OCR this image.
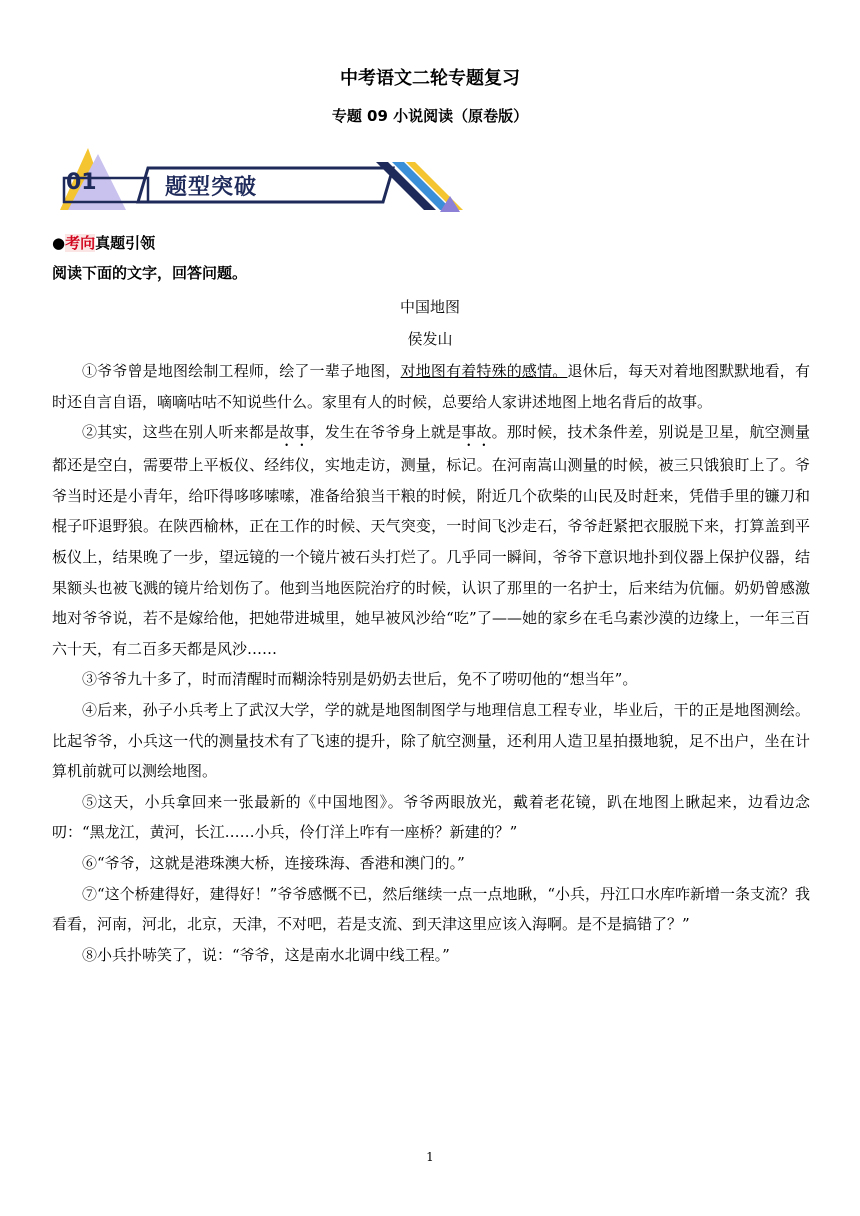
中考语文二轮专题复习
专题 09 小说阅读（原卷版）
01	题型突破
●考向真题引领
阅读下面的文字，回答问题。
中国地图
侯发山

①爷爷曾是地图绘制工程师，绘了一辈子地图，对地图有着特殊的感情。退休后，每天对着地图默默地看，有时还自言自语，嘀嘀咕咕不知说些什么。家里有人的时候，总要给人家讲述地图上地名背后的故事。

②其实，这些在别人听来都是故事，发生在爷爷身上就是事故。那时候，技术条件差，别说是卫星，航空测量都还是空白，需要带上平板仪、经纬仪，实地走访，测量，标记。在河南嵩山测量的时候，被三只饿狼盯上了。爷爷当时还是小青年，给吓得哆哆嗦嗦，准备给狼当干粮的时候，附近几个砍柴的山民及时赶来，凭借手里的镰刀和棍子吓退野狼。在陕西榆林，正在工作的时候、天气突变，一时间飞沙走石，爷爷赶紧把衣服脱下来，打算盖到平板仪上，结果晚了一步，望远镜的一个镜片被石头打烂了。几乎同一瞬间，爷爷下意识地扑到仪器上保护仪器，结果额头也被飞溅的镜片给划伤了。他到当地医院治疗的时候，认识了那里的一名护士，后来结为伉俪。奶奶曾感激地对爷爷说，若不是嫁给他，把她带进城里，她早被风沙给“吃”了——她的家乡在毛乌素沙漠的边缘上，一年三百六十天，有二百多天都是风沙……

③爷爷九十多了，时而清醒时而糊涂特别是奶奶去世后，免不了唠叨他的“想当年”。

④后来，孙子小兵考上了武汉大学，学的就是地图制图学与地理信息工程专业，毕业后，干的正是地图测绘。比起爷爷，小兵这一代的测量技术有了飞速的提升，除了航空测量，还利用人造卫星拍摄地貌，足不出户，坐在计算机前就可以测绘地图。

⑤这天，小兵拿回来一张最新的《中国地图》。爷爷两眼放光，戴着老花镜，趴在地图上瞅起来，边看边念叨：“黑龙江，黄河，长江……小兵，伶仃洋上咋有一座桥？新建的？”

⑥“爷爷，这就是港珠澳大桥，连接珠海、香港和澳门的。”

⑦“这个桥建得好，建得好！”爷爷感慨不已，然后继续一点一点地瞅，“小兵，丹江口水库咋新增一条支流？我看看，河南，河北，北京，天津，不对吧，若是支流、到天津这里应该入海啊。是不是搞错了？”

⑧小兵扑哧笑了，说：“爷爷，这是南水北调中线工程。”

1
